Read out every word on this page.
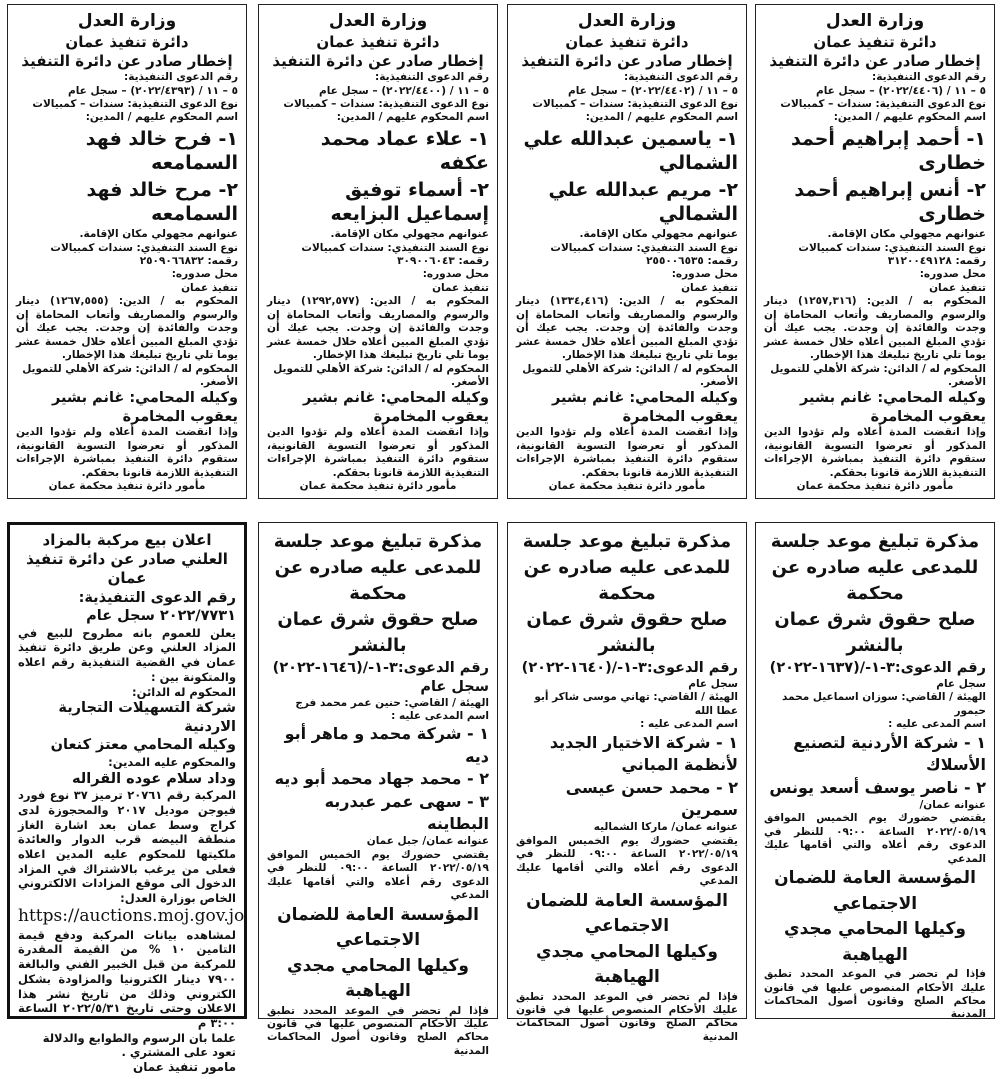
وزارة العدل
دائرة تنفيذ عمان
إخطار صادر عن دائرة التنفيذ
رقم الدعوى التنفيذية:
٥ – ١١ / (٢٠٢٢/٤٤٠٦) – سجل عام
نوع الدعوى التنفيذية: سندات – كمبيالات
اسم المحكوم عليهم / المدين:
١- أحمد إبراهيم أحمد خطارى
٢- أنس إبراهيم أحمد خطارى
عنوانهم مجهولي مكان الإقامة.
نوع السند التنفيذي: سندات كمبيالات
رقمه: ٣١٢٠٠٤٩١٢٨
محل صدوره:
تنفيذ عمان
المحكوم به / الدين: (١٢٥٧,٣١٦) دينار والرسوم والمصاريف وأتعاب المحاماة إن وجدت والفائدة إن وجدت. يجب عيك أن تؤدي المبلغ المبين أعلاه خلال خمسة عشر يوما تلي تاريخ تبليغك هذا الإخطار.
المحكوم له / الدائن: شركة الأهلي للتمويل الأصغر.
وكيله المحامي: غانم بشير يعقوب المخامرة
وإذا انقضت المدة أعلاه ولم تؤدوا الدين المذكور أو تعرضوا التسوية القانونية، ستقوم دائرة التنفيذ بمباشرة الإجراءات التنفيذية اللازمة قانونا بحقكم.
مأمور دائرة تنفيذ محكمة عمان
وزارة العدل
دائرة تنفيذ عمان
إخطار صادر عن دائرة التنفيذ
رقم الدعوى التنفيذية:
٥ – ١١ / (٢٠٢٢/٤٤٠٢) – سجل عام
نوع الدعوى التنفيذية: سندات – كمبيالات
اسم المحكوم عليهم / المدين:
١- ياسمين عبدالله علي الشمالي
٢- مريم عبدالله علي الشمالي
عنوانهم مجهولي مكان الإقامة.
نوع السند التنفيذي: سندات كمبيالات
رقمه: ٢٥٥٠٠٦٥٣٥
محل صدوره:
تنفيذ عمان
المحكوم به / الدين: (١٣٣٤,٤١٦) دينار والرسوم والمصاريف وأتعاب المحاماة إن وجدت والفائدة إن وجدت. يجب عيك أن تؤدي المبلغ المبين أعلاه خلال خمسة عشر يوما تلي تاريخ تبليغك هذا الإخطار.
المحكوم له / الدائن: شركة الأهلي للتمويل الأصغر.
وكيله المحامي: غانم بشير يعقوب المخامرة
وإذا انقضت المدة أعلاه ولم تؤدوا الدين المذكور أو تعرضوا التسوية القانونية، ستقوم دائرة التنفيذ بمباشرة الإجراءات التنفيذية اللازمة قانونا بحقكم.
مأمور دائرة تنفيذ محكمة عمان
وزارة العدل
دائرة تنفيذ عمان
إخطار صادر عن دائرة التنفيذ
رقم الدعوى التنفيذية:
٥ – ١١ / (٢٠٢٢/٤٤٠٠) – سجل عام
نوع الدعوى التنفيذية: سندات – كمبيالات
اسم المحكوم عليهم / المدين:
١- علاء عماد محمد عكفه
٢- أسماء توفيق إسماعيل البزايعه
عنوانهم مجهولي مكان الإقامة.
نوع السند التنفيذي: سندات كمبيالات
رقمه: ٣٠٩٠٠٦٠٤٣
محل صدوره:
تنفيذ عمان
المحكوم به / الدين: (١٢٩٢,٥٧٧) دينار والرسوم والمصاريف وأتعاب المحاماة إن وجدت والفائدة إن وجدت. يجب عيك أن تؤدي المبلغ المبين أعلاه خلال خمسة عشر يوما تلي تاريخ تبليغك هذا الإخطار.
المحكوم له / الدائن: شركة الأهلي للتمويل الأصغر.
وكيله المحامي: غانم بشير يعقوب المخامرة
وإذا انقضت المدة أعلاه ولم تؤدوا الدين المذكور أو تعرضوا التسوية القانونية، ستقوم دائرة التنفيذ بمباشرة الإجراءات التنفيذية اللازمة قانونا بحقكم.
مأمور دائرة تنفيذ محكمة عمان
وزارة العدل
دائرة تنفيذ عمان
إخطار صادر عن دائرة التنفيذ
رقم الدعوى التنفيذية:
٥ – ١١ / (٢٠٢٢/٤٣٩٣) – سجل عام
نوع الدعوى التنفيذية: سندات – كمبيالات
اسم المحكوم عليهم / المدين:
١- فرح خالد فهد السمامعه
٢- مرح خالد فهد السمامعه
عنوانهم مجهولي مكان الإقامة.
نوع السند التنفيذي: سندات كمبيالات
رقمه: ٢٥٠٩٠٦٦٨٣٢
محل صدوره:
تنفيذ عمان
المحكوم به / الدين: (١٢٦٧,٥٥٥) دينار والرسوم والمصاريف وأتعاب المحاماة إن وجدت والفائدة إن وجدت. يجب عيك أن تؤدي المبلغ المبين أعلاه خلال خمسة عشر يوما تلي تاريخ تبليغك هذا الإخطار.
المحكوم له / الدائن: شركة الأهلي للتمويل الأصغر.
وكيله المحامي: غانم بشير يعقوب المخامرة
وإذا انقضت المدة أعلاه ولم تؤدوا الدين المذكور أو تعرضوا التسوية القانونية، ستقوم دائرة التنفيذ بمباشرة الإجراءات التنفيذية اللازمة قانونا بحقكم.
مأمور دائرة تنفيذ محكمة عمان
مذكرة تبليغ موعد جلسة
للمدعى عليه صادره عن محكمة
صلح حقوق شرق عمان بالنشر
رقم الدعوى:٣-١-/(١٦٣٧-٢٠٢٢)
سجل عام
الهيئة / القاضي: سوزان اسماعيل محمد حيمور
اسم المدعى عليه :
١ - شركة الأردنية لتصنيع الأسلاك
٢ - ناصر يوسف أسعد يونس
عنوانه عمان/
يقتضي حضورك يوم الخميس الموافق ٢٠٢٢/٠٥/١٩ الساعة ٠٩:٠٠ للنظر في الدعوى رقم أعلاه والتي أقامها عليك المدعي
المؤسسة العامة للضمان الاجتماعي
وكيلها المحامي مجدي الهياهبة
فإذا لم تحضر في الموعد المحدد تطبق عليك الأحكام المنصوص عليها في قانون محاكم الصلح وقانون أصول المحاكمات المدنية
مذكرة تبليغ موعد جلسة
للمدعى عليه صادره عن محكمة
صلح حقوق شرق عمان بالنشر
رقم الدعوى:٣-١-/(١٦٤٠-٢٠٢٢)
سجل عام
الهيئة / القاضي: تهاني موسى شاكر أبو عطا الله
اسم المدعى عليه :
١ - شركة الاختيار الجديد لأنظمة المباني
٢ - محمد حسن عيسى سمرين
عنوانه عمان/ ماركا الشماليه
يقتضي حضورك يوم الخميس الموافق ٢٠٢٢/٠٥/١٩ الساعة ٠٩:٠٠ للنظر في الدعوى رقم أعلاه والتي أقامها عليك المدعي
المؤسسة العامة للضمان الاجتماعي
وكيلها المحامي مجدي الهياهبة
فإذا لم تحضر في الموعد المحدد تطبق عليك الأحكام المنصوص عليها في قانون محاكم الصلح وقانون أصول المحاكمات المدنية
مذكرة تبليغ موعد جلسة
للمدعى عليه صادره عن محكمة
صلح حقوق شرق عمان بالنشر
رقم الدعوى:٣-١-/(١٦٤٦-٢٠٢٢) سجل عام
الهيئة / القاضي: حنين عمر محمد فرج
اسم المدعى عليه :
١ - شركة محمد و ماهر أبو ديه
٢ - محمد جهاد محمد أبو ديه
٣ - سهى عمر عبدربه البطاينه
عنوانه عمان/ جبل عمان
يقتضي حضورك يوم الخميس الموافق ٢٠٢٢/٠٥/١٩ الساعة ٠٩:٠٠ للنظر في الدعوى رقم أعلاه والتي أقامها عليك المدعي
المؤسسة العامة للضمان الاجتماعي
وكيلها المحامي مجدي الهياهبة
فإذا لم تحضر في الموعد المحدد تطبق عليك الأحكام المنصوص عليها في قانون محاكم الصلح وقانون أصول المحاكمات المدنية
اعلان بيع مركبة بالمزاد العلني صادر عن دائرة تنفيذ عمان
رقم الدعوى التنفيذية: ٢٠٢٢/٧٧٣١ سجل عام
يعلن للعموم بانه مطروح للبيع في المزاد العلني وعن طريق دائرة تنفيذ عمان في القضية التنفيذية رقم اعلاه والمتكونة بين :
المحكوم له الدائن:
شركة التسهيلات التجارية الاردنية
وكيله المحامي معتز كنعان
والمحكوم عليه المدين:
وداد سلام عوده القراله
المركبة رقم ٢٠٧٦١ ترميز ٣٧ نوع فورد فيوجن موديل ٢٠١٧ والمحجوزة لدى كراج وسط عمان بعد اشارة الغاز منطقة البيضه قرب الدوار والعائدة ملكيتها للمحكوم عليه المدين اعلاه فعلى من يرغب بالاشتراك في المزاد الدخول الى موقع المزادات الالكتروني الخاص بوزارة العدل:
https://auctions.moj.gov.jo
لمشاهده بيانات المركبة ودفع قيمة التامين ١٠ % من القيمة المقدرة للمركبة من قبل الخبير الفني والبالغة ٧٩٠٠ دينار الكترونيا والمزاودة بشكل الكتروني وذلك من تاريخ نشر هذا الاعلان وحتى تاريخ ٢٠٢٢/٥/٣١ الساعة ٣:٠٠ م
علما بان الرسوم والطوابع والدلالة تعود على المشتري .
مامور تنفيذ عمان
